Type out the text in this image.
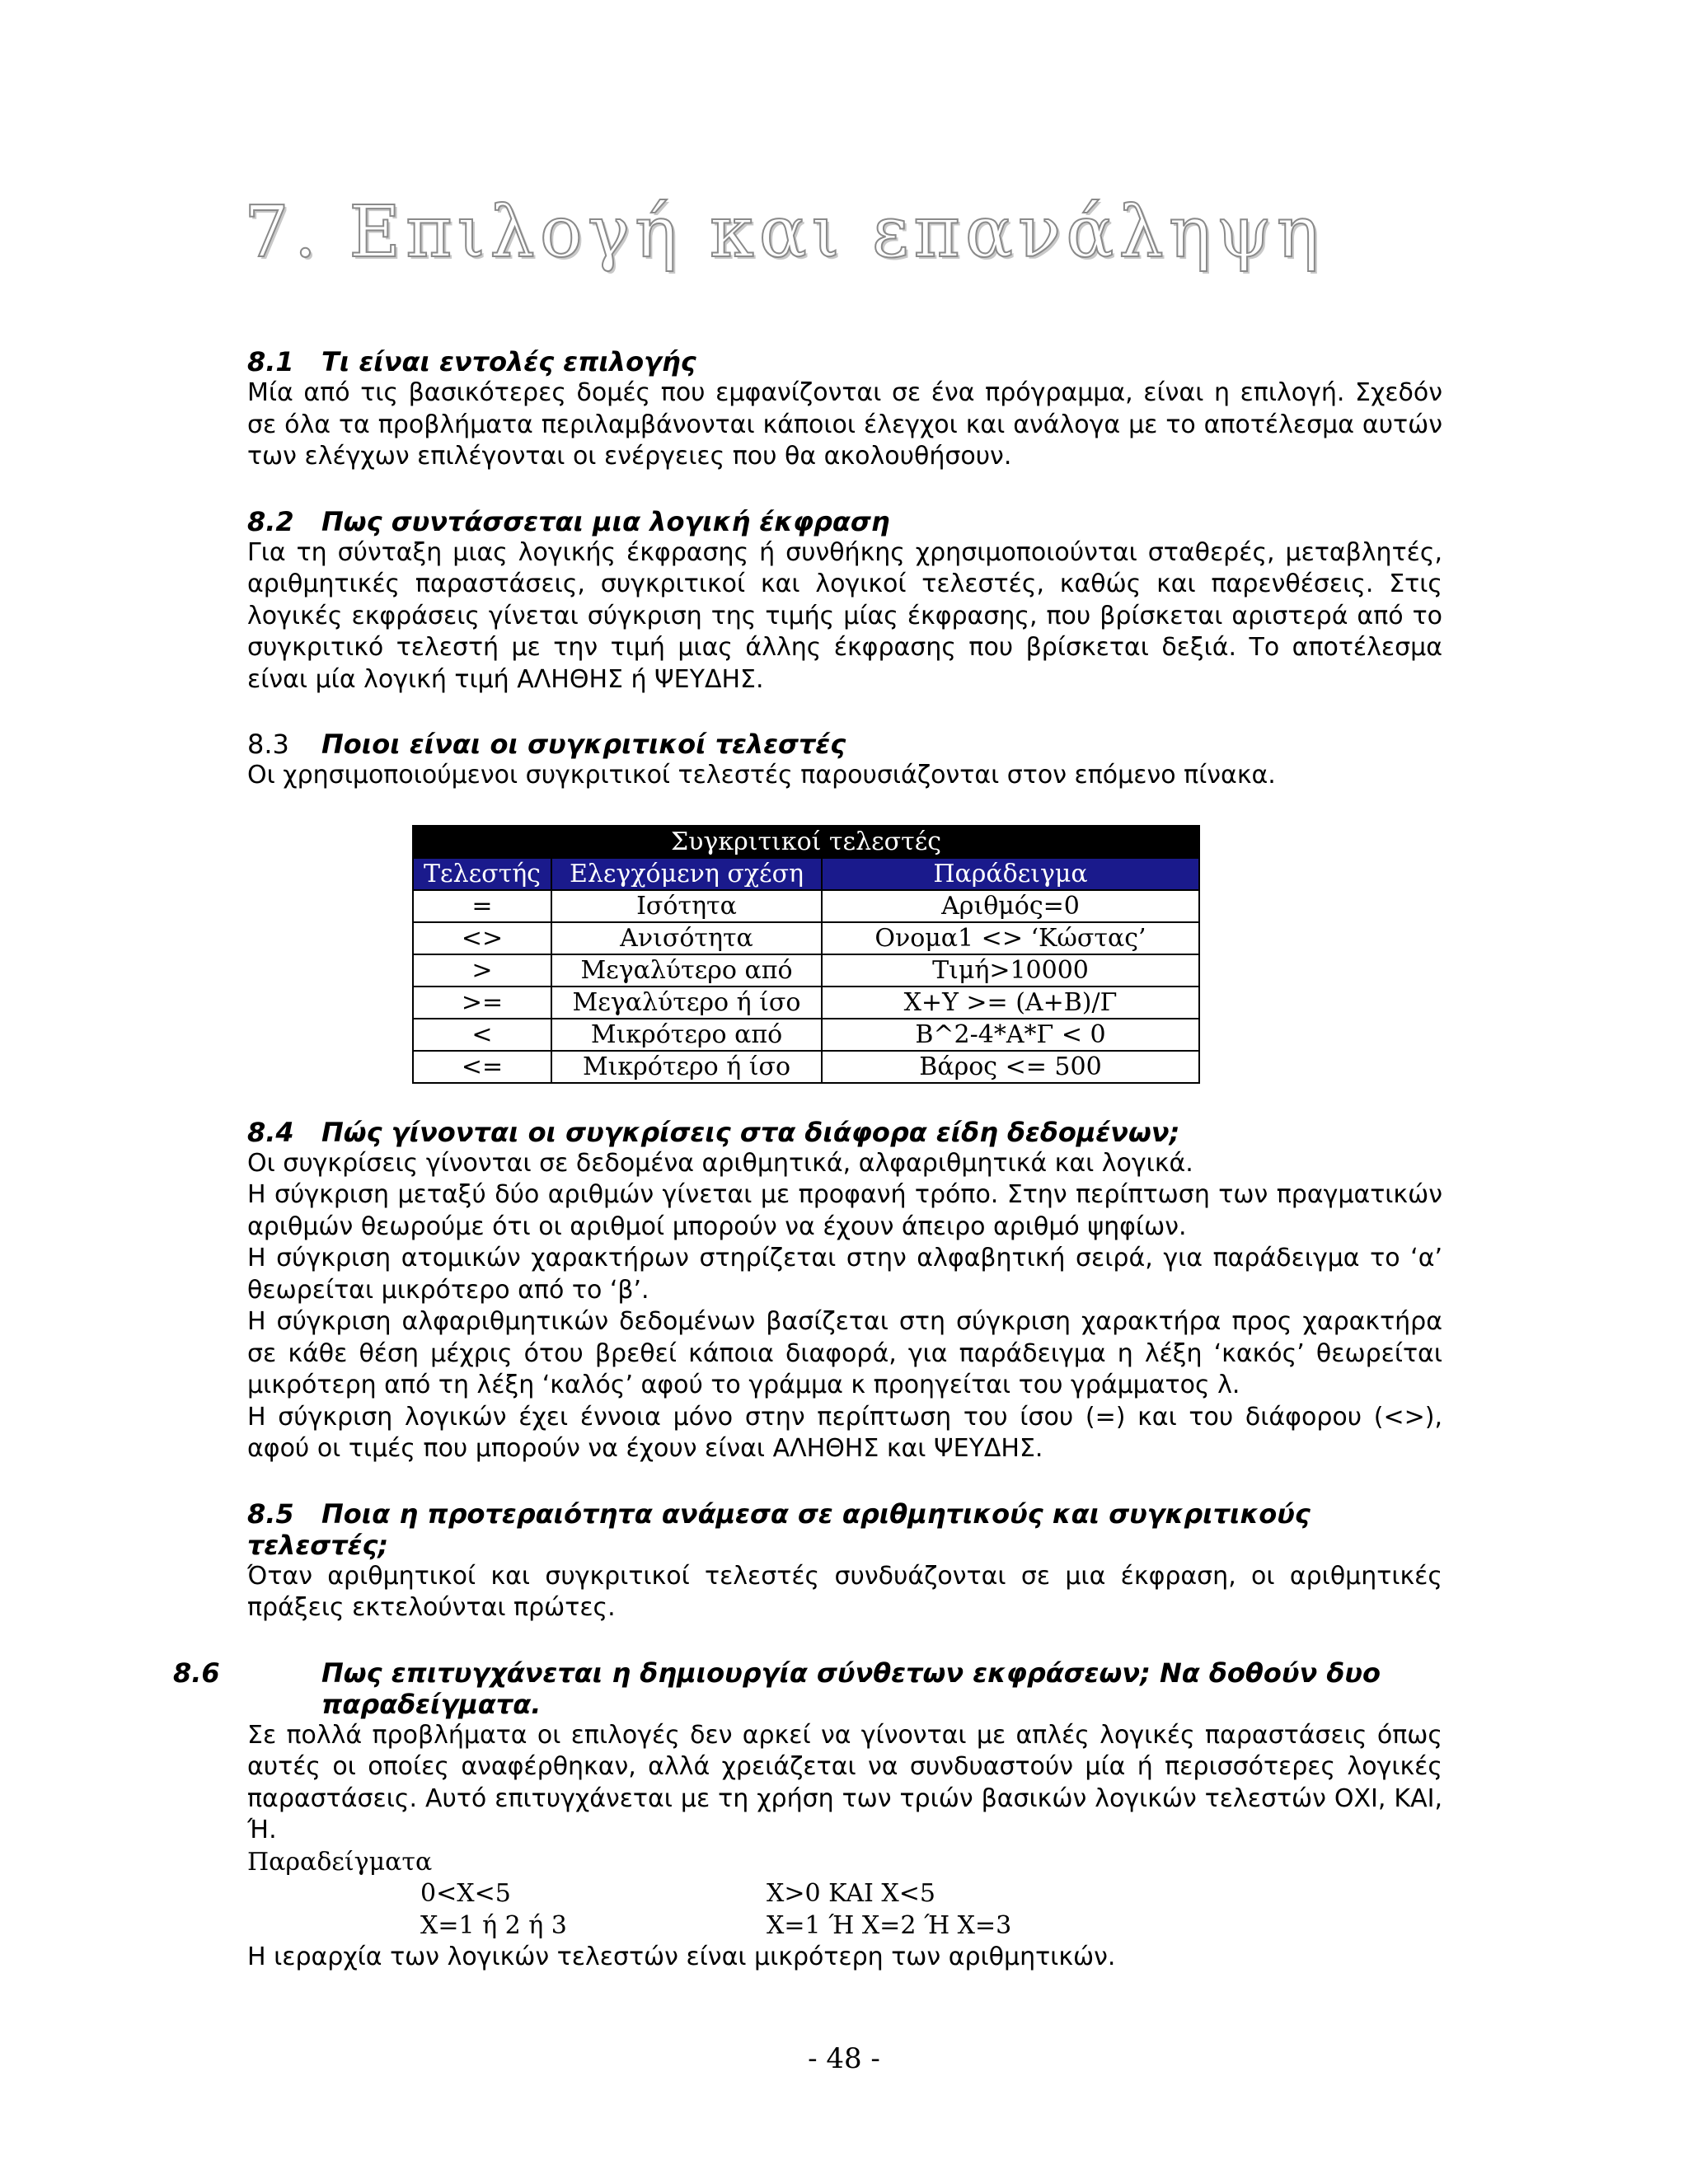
7. Επιλογή και επανάληψη

8.1 Τι είναι εντολές επιλογής

Μία από τις βασικότερες δομές που εμφανίζονται σε ένα πρόγραμμα, είναι η επιλογή. Σχεδόν σε όλα τα προβλήματα περιλαμβάνονται κάποιοι έλεγχοι και ανάλογα με το αποτέλεσμα αυτών των ελέγχων επιλέγονται οι ενέργειες που θα ακολουθήσουν.

8.2 Πως συντάσσεται μια λογική έκφραση

Για τη σύνταξη μιας λογικής έκφρασης ή συνθήκης χρησιμοποιούνται σταθερές, μεταβλητές, αριθμητικές παραστάσεις, συγκριτικοί και λογικοί τελεστές, καθώς και παρενθέσεις. Στις λογικές εκφράσεις γίνεται σύγκριση της τιμής μίας έκφρασης, που βρίσκεται αριστερά από το συγκριτικό τελεστή με την τιμή μιας άλλης έκφρασης που βρίσκεται δεξιά. Το αποτέλεσμα είναι μία λογική τιμή ΑΛΗΘΗΣ ή ΨΕΥΔΗΣ.

8.3 Ποιοι είναι οι συγκριτικοί τελεστές

Οι χρησιμοποιούμενοι συγκριτικοί τελεστές παρουσιάζονται στον επόμενο πίνακα.

Συγκριτικοί τελεστές		
Τελεστής	Ελεγχόμενη σχέση	Παράδειγμα
=	Ισότητα	Αριθμός=0
<>	Ανισότητα	Ονομα1 <> ‘Κώστας’
>	Μεγαλύτερο από	Τιμή>10000
>=	Μεγαλύτερο ή ίσο	X+Y >= (A+B)/Γ
<	Μικρότερο από	Β^2-4*Α*Γ < 0
<=	Μικρότερο ή ίσο	Βάρος <= 500

8.4 Πώς γίνονται οι συγκρίσεις στα διάφορα είδη δεδομένων;

Οι συγκρίσεις γίνονται σε δεδομένα αριθμητικά, αλφαριθμητικά και λογικά.

Η σύγκριση μεταξύ δύο αριθμών γίνεται με προφανή τρόπο. Στην περίπτωση των πραγματικών αριθμών θεωρούμε ότι οι αριθμοί μπορούν να έχουν άπειρο αριθμό ψηφίων.

Η σύγκριση ατομικών χαρακτήρων στηρίζεται στην αλφαβητική σειρά, για παράδειγμα το ‘α’ θεωρείται μικρότερο από το ‘β’.

Η σύγκριση αλφαριθμητικών δεδομένων βασίζεται στη σύγκριση χαρακτήρα προς χαρακτήρα σε κάθε θέση μέχρις ότου βρεθεί κάποια διαφορά, για παράδειγμα η λέξη ‘κακός’ θεωρείται μικρότερη από τη λέξη ‘καλός’ αφού το γράμμα κ προηγείται του γράμματος λ.

Η σύγκριση λογικών έχει έννοια μόνο στην περίπτωση του ίσου (=) και του διάφορου (<>), αφού οι τιμές που μπορούν να έχουν είναι ΑΛΗΘΗΣ και ΨΕΥΔΗΣ.

8.5 Ποια η προτεραιότητα ανάμεσα σε αριθμητικούς και συγκριτικούς τελεστές;

Όταν αριθμητικοί και συγκριτικοί τελεστές συνδυάζονται σε μια έκφραση, οι αριθμητικές πράξεις εκτελούνται πρώτες.

8.6	Πως επιτυγχάνεται η δημιουργία σύνθετων εκφράσεων; Να δοθούν δυο παραδείγματα.

Σε πολλά προβλήματα οι επιλογές δεν αρκεί να γίνονται με απλές λογικές παραστάσεις όπως αυτές οι οποίες αναφέρθηκαν, αλλά χρειάζεται να συνδυαστούν μία ή περισσότερες λογικές παραστάσεις. Αυτό επιτυγχάνεται με τη χρήση των τριών βασικών λογικών τελεστών ΟΧΙ, ΚΑΙ, Ή.

Παραδείγματα
0<X<5	X>0 KAI X<5
X=1 ή 2 ή 3	X=1 Ή X=2 Ή X=3

Η ιεραρχία των λογικών τελεστών είναι μικρότερη των αριθμητικών.

- 48 -
